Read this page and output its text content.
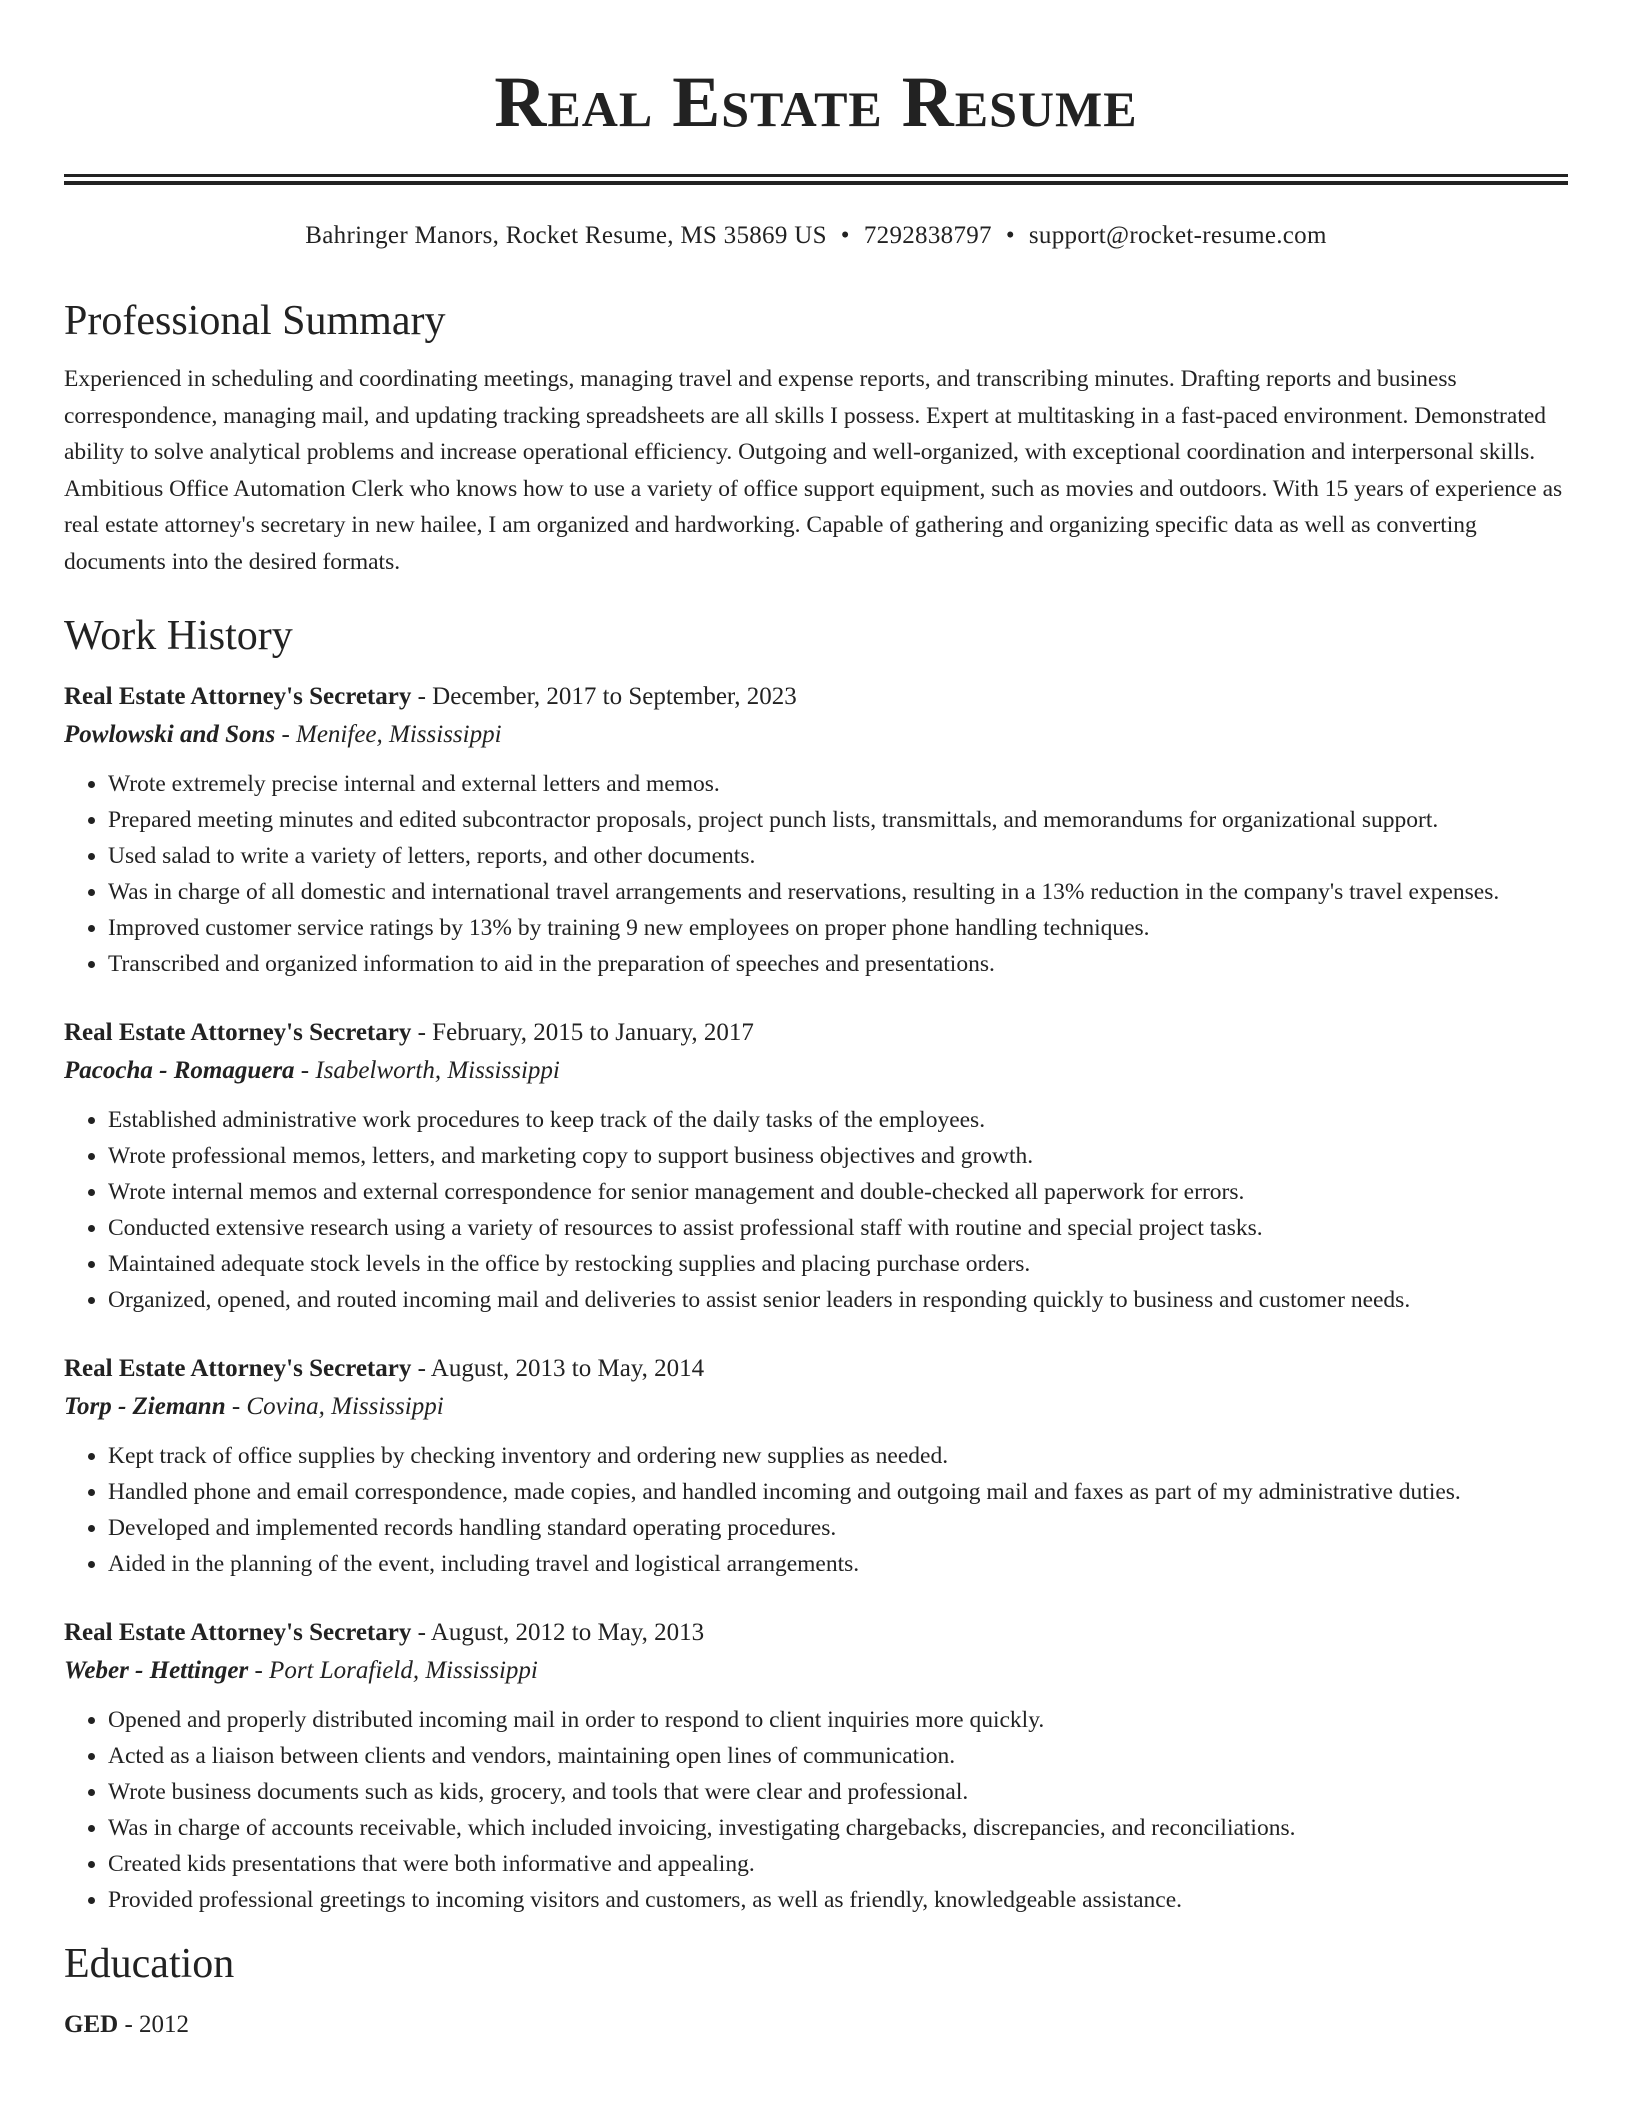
Real Estate Resume
Bahringer Manors, Rocket Resume, MS 35869 US • 7292838797 • support@rocket-resume.com
Professional Summary

Experienced in scheduling and coordinating meetings, managing travel and expense reports, and transcribing minutes. Drafting reports and business correspondence, managing mail, and updating tracking spreadsheets are all skills I possess. Expert at multitasking in a fast-paced environment. Demonstrated ability to solve analytical problems and increase operational efficiency. Outgoing and well-organized, with exceptional coordination and interpersonal skills. Ambitious Office Automation Clerk who knows how to use a variety of office support equipment, such as movies and outdoors. With 15 years of experience as real estate attorney's secretary in new hailee, I am organized and hardworking. Capable of gathering and organizing specific data as well as converting documents into the desired formats.

Work History
Real Estate Attorney's Secretary - December, 2017 to September, 2023
Powlowski and Sons - Menifee, Mississippi
• Wrote extremely precise internal and external letters and memos.
• Prepared meeting minutes and edited subcontractor proposals, project punch lists, transmittals, and memorandums for organizational support.
• Used salad to write a variety of letters, reports, and other documents.
• Was in charge of all domestic and international travel arrangements and reservations, resulting in a 13% reduction in the company's travel expenses.
• Improved customer service ratings by 13% by training 9 new employees on proper phone handling techniques.
• Transcribed and organized information to aid in the preparation of speeches and presentations.
Real Estate Attorney's Secretary - February, 2015 to January, 2017
Pacocha - Romaguera - Isabelworth, Mississippi
• Established administrative work procedures to keep track of the daily tasks of the employees.
• Wrote professional memos, letters, and marketing copy to support business objectives and growth.
• Wrote internal memos and external correspondence for senior management and double-checked all paperwork for errors.
• Conducted extensive research using a variety of resources to assist professional staff with routine and special project tasks.
• Maintained adequate stock levels in the office by restocking supplies and placing purchase orders.
• Organized, opened, and routed incoming mail and deliveries to assist senior leaders in responding quickly to business and customer needs.
Real Estate Attorney's Secretary - August, 2013 to May, 2014
Torp - Ziemann - Covina, Mississippi
• Kept track of office supplies by checking inventory and ordering new supplies as needed.
• Handled phone and email correspondence, made copies, and handled incoming and outgoing mail and faxes as part of my administrative duties.
• Developed and implemented records handling standard operating procedures.
• Aided in the planning of the event, including travel and logistical arrangements.
Real Estate Attorney's Secretary - August, 2012 to May, 2013
Weber - Hettinger - Port Lorafield, Mississippi
• Opened and properly distributed incoming mail in order to respond to client inquiries more quickly.
• Acted as a liaison between clients and vendors, maintaining open lines of communication.
• Wrote business documents such as kids, grocery, and tools that were clear and professional.
• Was in charge of accounts receivable, which included invoicing, investigating chargebacks, discrepancies, and reconciliations.
• Created kids presentations that were both informative and appealing.
• Provided professional greetings to incoming visitors and customers, as well as friendly, knowledgeable assistance.
Education
GED - 2012
